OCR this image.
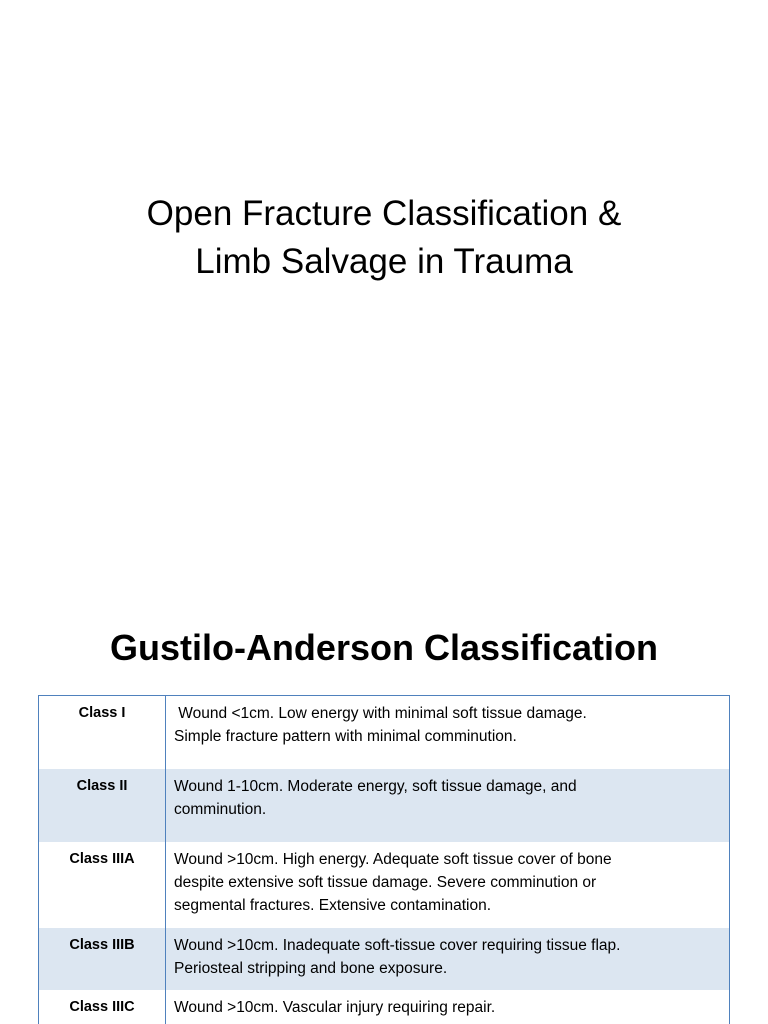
Open Fracture Classification &
Limb Salvage in Trauma
Gustilo-Anderson Classification
Class I	Wound <1cm. Low energy with minimal soft tissue damage.
Simple fracture pattern with minimal comminution.

Class II	Wound 1-10cm. Moderate energy, soft tissue damage, and
comminution.

Class IIIA	Wound >10cm. High energy. Adequate soft tissue cover of bone
despite extensive soft tissue damage. Severe comminution or
segmental fractures. Extensive contamination.

Class IIIB	Wound >10cm. Inadequate soft-tissue cover requiring tissue flap.
Periosteal stripping and bone exposure.

Class IIIC	Wound >10cm. Vascular injury requiring repair.
